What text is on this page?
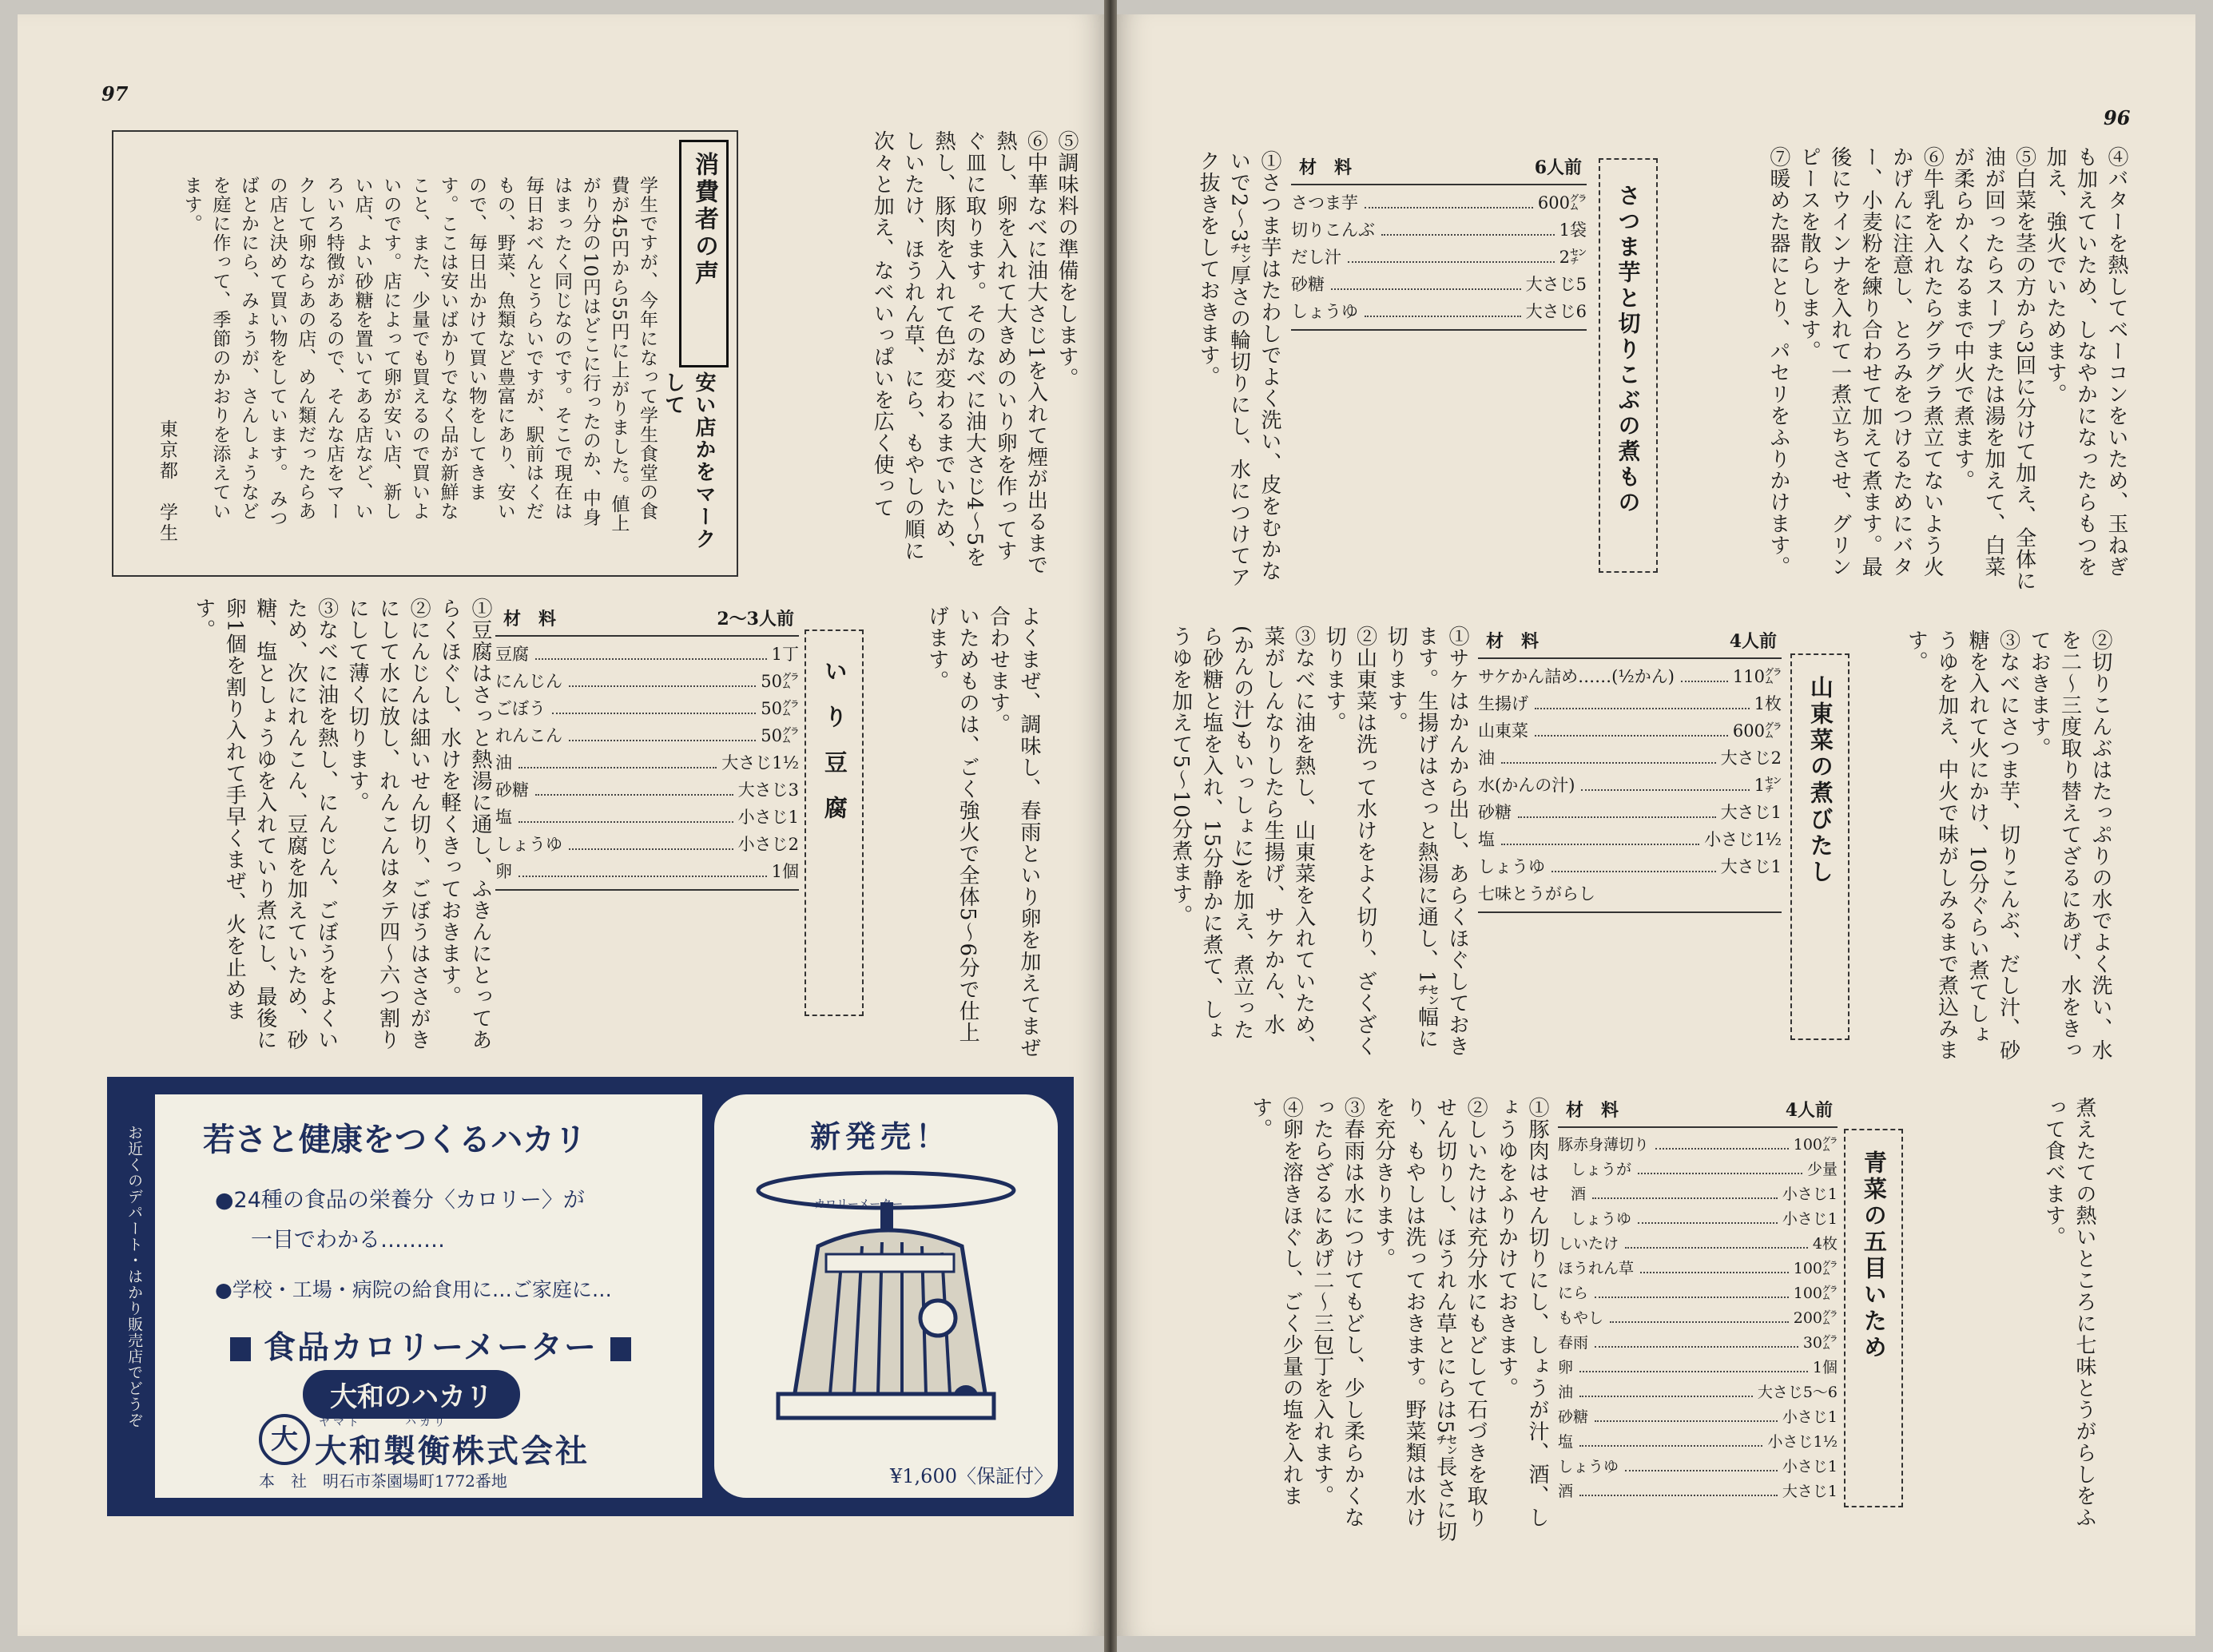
97
消費者の声
安い店かをマークして

学生ですが、今年になって学生食堂の食費が45円から55円に上がりました。値上がり分の10円はどこに行ったのか、中身はまったく同じなのです。そこで現在は毎日おべんとうらいですが、駅前はくだもの、野菜、魚類など豊富にあり、安いので、毎日出かけて買い物をしてきます。ここは安いばかりでなく品が新鮮なこと、また、少量でも買えるので買いよいのです。店によって卵が安い店、新しい店、よい砂糖を置いてある店など、いろいろ特徴があるので、そんな店をマークして卵ならあの店、めん類だったらあの店と決めて買い物をしています。 みつばとかにら、みょうが、さんしょうなどを庭に作って、季節のかおりを添えています。

東京都　学生

⑤調味料の準備をします。

⑥中華なべに油大さじ1を入れて煙が出るまで熱し、卵を入れて大きめのいり卵を作ってすぐ皿に取ります。そのなべに油大さじ4〜5を熱し、豚肉を入れて色が変わるまでいため、しいたけ、ほうれん草、にら、もやしの順に次々と加え、なべいっぱいを広く使って

よくまぜ、調味し、春雨といり卵を加えてまぜ合わせます。

いためものは、ごく強火で全体5〜6分で仕上げます。

いり豆腐
材　料	2〜3人前
豆腐	1丁
にんじん	50㌘
ごぼう	50㌘
れんこん	50㌘
油	大さじ1½
砂糖	大さじ3
塩	小さじ1
しょうゆ	小さじ2
卵	1個

①豆腐はさっと熱湯に通し、ふきんにとってあらくほぐし、水けを軽くきっておきます。

②にんじんは細いせん切り、ごぼうはささがきにして水に放し、れんこんはタテ四〜六つ割りにして薄く切ります。

③なべに油を熱し、にんじん、ごぼうをよくいため、次にれんこん、豆腐を加えていため、砂糖、塩としょうゆを入れていり煮にし、最後に卵1個を割り入れて手早くまぜ、火を止めます。

お近くのデパート・はかり販売店でどうぞ 若さと健康をつくるハカリ
●24種の食品の栄養分〈カロリー〉が
一目でわかる………
●学校・工場・病院の給食用に…ご家庭に…
食品カロリーメーター
大和のハカリ
大
ヤマト　　　ハカリ
大和製衡株式会社
本　社　明石市茶園場町1772番地
新発売！
カロリーメーター
¥1,600〈保証付〉
96

④バターを熱してベーコンをいため、玉ねぎも加えていため、しなやかになったらもつを加え、強火でいためます。

⑤白菜を茎の方から3回に分けて加え、全体に油が回ったらスープまたは湯を加えて、白菜が柔らかくなるまで中火で煮ます。

⑥牛乳を入れたらグラグラ煮立てないよう火かげんに注意し、とろみをつけるためにバター、小麦粉を練り合わせて加えて煮ます。最後にウインナを入れて一煮立ちさせ、グリンピースを散らします。

⑦暖めた器にとり、パセリをふりかけます。

さつま芋と切りこぶの煮もの
材　料	6人前
さつま芋	600㌘
切りこんぶ	1袋
だし汁	2㌢
砂糖	大さじ5
しょうゆ	大さじ6

①さつま芋はたわしでよく洗い、皮をむかないで2〜3㌢厚さの輪切りにし、水につけてアク抜きをしておきます。

②切りこんぶはたっぷりの水でよく洗い、水を二〜三度取り替えてざるにあげ、水をきっておきます。

③なべにさつま芋、切りこんぶ、だし汁、砂糖を入れて火にかけ、10分ぐらい煮てしょうゆを加え、中火で味がしみるまで煮込みます。

山東菜の煮びたし
材　料	4人前
サケかん詰め……(½かん)	110㌘
生揚げ	1枚
山東菜	600㌘
油	大さじ2
水(かんの汁)	1㌢
砂糖	大さじ1
塩	小さじ1½
しょうゆ	大さじ1
七味とうがらし

①サケはかんから出し、あらくほぐしておきます。生揚げはさっと熱湯に通し、1㌢幅に切ります。

②山東菜は洗って水けをよく切り、ざくざく切ります。

③なべに油を熱し、山東菜を入れていため、菜がしんなりしたら生揚げ、サケかん、水(かんの汁)もいっしょに)を加え、煮立ったら砂糖と塩を入れ、15分静かに煮て、しょうゆを加えて5〜10分煮ます。

煮えたての熱いところに七味とうがらしをふって食べます。

青菜の五目いため
材　料	4人前
豚赤身薄切り	100㌘
しょうが	少量
酒	小さじ1
しょうゆ	小さじ1
しいたけ	4枚
ほうれん草	100㌘
にら	100㌘
もやし	200㌘
春雨	30㌘
卵	1個
油	大さじ5〜6
砂糖	小さじ1
塩	小さじ1½
しょうゆ	小さじ1
酒	大さじ1

①豚肉はせん切りにし、しょうが汁、酒、しょうゆをふりかけておきます。

②しいたけは充分水にもどして石づきを取りせん切りし、ほうれん草とにらは5㌢長さに切り、もやしは洗っておきます。野菜類は水けを充分きります。

③春雨は水につけてもどし、少し柔らかくなったらざるにあげ二〜三包丁を入れます。

④卵を溶きほぐし、ごく少量の塩を入れます。
